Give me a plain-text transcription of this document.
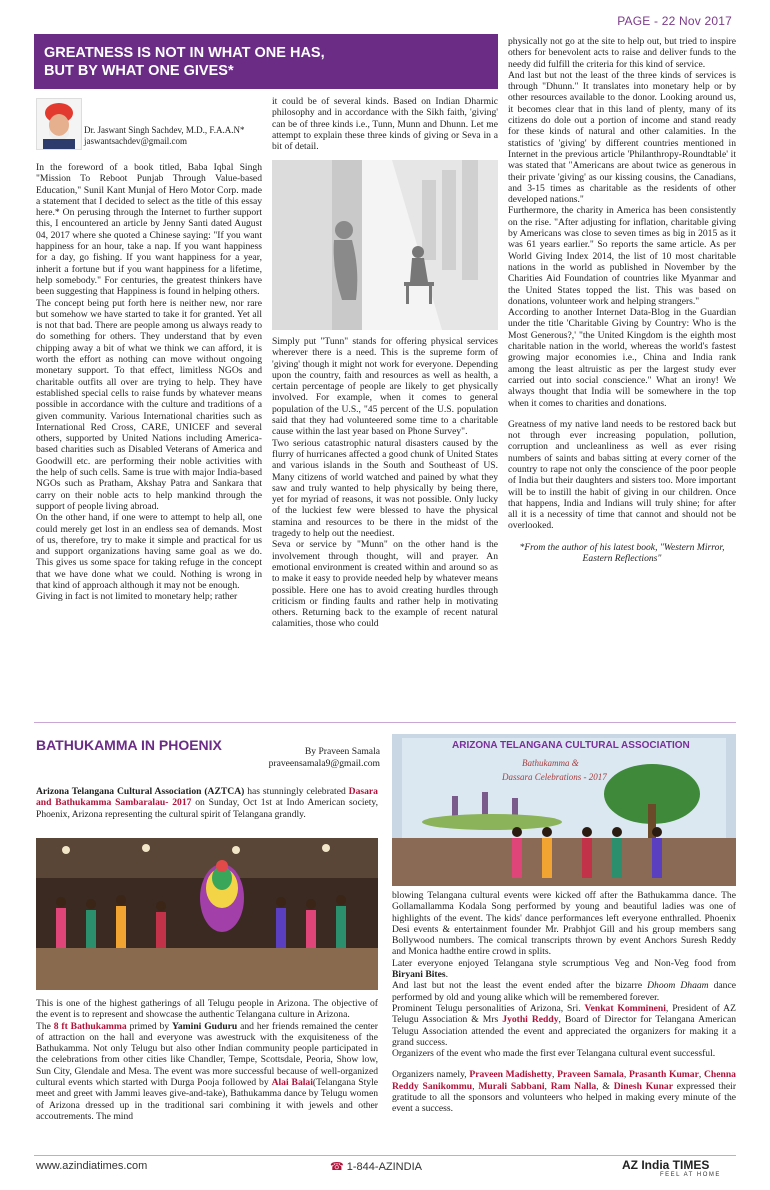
PAGE - 22 Nov 2017
GREATNESS IS NOT IN WHAT ONE HAS,
BUT BY WHAT ONE GIVES*
Dr. Jaswant Singh Sachdev, M.D., F.A.A.N*
jaswantsachdev@gmail.com

In the foreword of a book titled, Baba Iqbal Singh "Mission To Reboot Punjab Through Value-based Education," Sunil Kant Munjal of Hero Motor Corp. made a statement that I decided to select as the title of this essay here.* On perusing through the Internet to further support this, I encountered an article by Jenny Santi dated August 04, 2017 where she quoted a Chinese saying: "If you want happiness for an hour, take a nap. If you want happiness for a day, go fishing. If you want happiness for a year, inherit a fortune but if you want happiness for a lifetime, help somebody." For centuries, the greatest thinkers have been suggesting that Happiness is found in helping others.

The concept being put forth here is neither new, nor rare but somehow we have started to take it for granted. Yet all is not that bad. There are people among us always ready to do something for others. They understand that by even chipping away a bit of what we think we can afford, it is worth the effort as nothing can move without ongoing monetary support. To that effect, limitless NGOs and charitable outfits all over are trying to help. They have established special cells to raise funds by whatever means possible in accordance with the culture and traditions of a given community. Various International charities such as International Red Cross, CARE, UNICEF and several others, supported by United Nations including America-based charities such as Disabled Veterans of America and Goodwill etc. are performing their noble activities with the help of such cells. Same is true with major India-based NGOs such as Pratham, Akshay Patra and Sankara that carry on their noble acts to help mankind through the support of people living abroad.

On the other hand, if one were to attempt to help all, one could merely get lost in an endless sea of demands. Most of us, therefore, try to make it simple and practical for us and support organizations having same goal as we do. This gives us some space for taking refuge in the concept that we have done what we could. Nothing is wrong in that kind of approach although it may not be enough.

Giving in fact is not limited to monetary help; rather

it could be of several kinds. Based on Indian Dharmic philosophy and in accordance with the Sikh faith, 'giving' can be of three kinds i.e., Tunn, Munn and Dhunn. Let me attempt to explain these three kinds of giving or Seva in a bit of detail.

Simply put "Tunn" stands for offering physical services wherever there is a need. This is the supreme form of 'giving' though it might not work for everyone. Depending upon the country, faith and resources as well as health, a certain percentage of people are likely to get physically involved. For example, when it comes to general population of the U.S., "45 percent of the U.S. population said that they had volunteered some time to a charitable cause within the last year based on Phone Survey".

Two serious catastrophic natural disasters caused by the flurry of hurricanes affected a good chunk of United States and various islands in the South and Southeast of US. Many citizens of world watched and pained by what they saw and truly wanted to help physically by being there, yet for myriad of reasons, it was not possible. Only lucky of the luckiest few were blessed to have the physical stamina and resources to be there in the midst of the tragedy to help out the neediest.

Seva or service by "Munn" on the other hand is the involvement through thought, will and prayer. An emotional environment is created within and around so as to make it easy to provide needed help by whatever means possible. Here one has to avoid creating hurdles through criticism or finding faults and rather help in motivating others. Returning back to the example of recent natural calamities, those who could

physically not go at the site to help out, but tried to inspire others for benevolent acts to raise and deliver funds to the needy did fulfill the criteria for this kind of service.

And last but not the least of the three kinds of services is through "Dhunn." It translates into monetary help or by other resources available to the donor. Looking around us, it becomes clear that in this land of plenty, many of its citizens do dole out a portion of income and stand ready for these kinds of natural and other calamities. In the statistics of 'giving' by different countries mentioned in Internet in the previous article 'Philanthropy-Roundtable' it was stated that "Americans are about twice as generous in their private 'giving' as our kissing cousins, the Canadians, and 3-15 times as charitable as the residents of other developed nations."

Furthermore, the charity in America has been consistently on the rise. "After adjusting for inflation, charitable giving by Americans was close to seven times as big in 2015 as it was 61 years earlier." So reports the same article. As per World Giving Index 2014, the list of 10 most charitable nations in the world as published in November by the Charities Aid Foundation of countries like Myanmar and the United States topped the list. This was based on donations, volunteer work and helping strangers."

According to another Internet Data-Blog in the Guardian under the title 'Charitable Giving by Country: Who is the Most Generous?,' "the United Kingdom is the eighth most charitable nation in the world, whereas the world's fastest growing major economies i.e., China and India rank among the least altruistic as per the largest study ever carried out into social conscience." What an irony! We always thought that India will be somewhere in the top when it comes to charities and donations.

Greatness of my native land needs to be restored back but not through ever increasing population, pollution, corruption and uncleanliness as well as ever rising numbers of saints and babas sitting at every corner of the country to rape not only the conscience of the poor people of India but their daughters and sisters too. More important will be to instill the habit of giving in our children. Once that happens, India and Indians will truly shine; for after all it is a necessity of time that cannot and should not be overlooked.

*From the author of his latest book, "Western Mirror, Eastern Reflections"

BATHUKAMMA IN PHOENIX	By Praveen Samala
praveensamala9@gmail.com

Arizona Telangana Cultural Association (AZTCA) has stunningly celebrated Dasara and Bathukamma Sambaralau- 2017 on Sunday, Oct 1st at Indo American society, Phoenix, Arizona representing the cultural spirit of Telangana grandly.

ARIZONA TELANGANA CULTURAL ASSOCIATION
Bathukamma &
Dassara Celebrations - 2017

This is one of the highest gatherings of all Telugu people in Arizona. The objective of the event is to represent and showcase the authentic Telangana culture in Arizona.

The 8 ft Bathukamma primed by Yamini Guduru and her friends remained the center of attraction on the hall and everyone was awestruck with the exquisiteness of the Bathukamma. Not only Telugu but also other Indian community people participated in the celebrations from other cities like Chandler, Tempe, Scottsdale, Peoria, Show low, Sun City, Glendale and Mesa. The event was more successful because of well-organized cultural events which started with Durga Pooja followed by Alai Balai(Telangana Style meet and greet with Jammi leaves give-and-take), Bathukamma dance by Telugu women of Arizona dressed up in the traditional sari combining it with jewels and other accoutrements. The mind

blowing Telangana cultural events were kicked off after the Bathukamma dance. The Gollamallamma Kodala Song performed by young and beautiful ladies was one of highlights of the event. The kids' dance performances left everyone enthralled. Phoenix Desi events & entertainment founder Mr. Prabhjot Gill and his group members sang Bollywood numbers. The comical transcripts thrown by event Anchors Suresh Reddy and Monica hadthe entire crowd in splits.

Later everyone enjoyed Telangana style scrumptious Veg and Non-Veg food from Biryani Bites.

And last but not the least the event ended after the bizarre Dhoom Dhaam dance performed by old and young alike which will be remembered forever.

Prominent Telugu personalities of Arizona, Sri. Venkat Kommineni, President of AZ Telugu Association & Mrs Jyothi Reddy, Board of Director for Telangana American Telugu Association attended the event and appreciated the organizers for making it a grand success.

Organizers of the event who made the first ever Telangana cultural event successful.

Organizers namely, Praveen Madishetty, Praveen Samala, Prasanth Kumar, Chenna Reddy Sanikommu, Murali Sabbani, Ram Nalla, & Dinesh Kunar expressed their gratitude to all the sponsors and volunteers who helped in making every minute of the event a success.

www.azindiatimes.com	☎ 1-844-AZINDIA	AZ India TIMES
FEEL AT HOME
